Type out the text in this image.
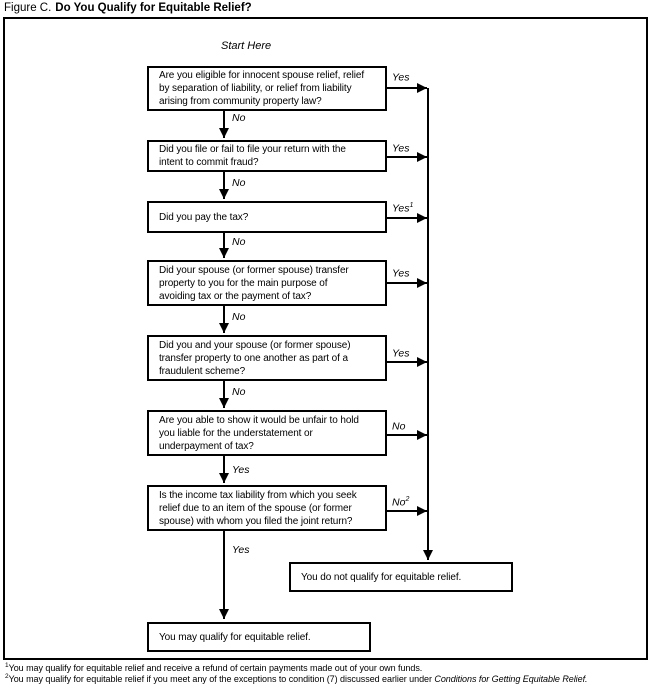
Figure C. Do You Qualify for Equitable Relief?
Start Here
Are you eligible for innocent spouse relief, relief
by separation of liability, or relief from liability
arising from community property law?
Did you file or fail to file your return with the
intent to commit fraud?
Did you pay the tax?
Did your spouse (or former spouse) transfer
property to you for the main purpose of
avoiding tax or the payment of tax?
Did you and your spouse (or former spouse)
transfer property to one another as part of a
fraudulent scheme?
Are you able to show it would be unfair to hold
you liable for the understatement or
underpayment of tax?
Is the income tax liability from which you seek
relief due to an item of the spouse (or former
spouse) with whom you filed the joint return?
Yes
Yes
Yes$^1$
Yes
Yes
No
No$^2$
No
No
No
No
No
Yes
Yes
You do not qualify for equitable relief.
You may qualify for equitable relief.
$^1$You may qualify for equitable relief and receive a refund of certain payments made out of your own funds.
$^2$You may qualify for equitable relief if you meet any of the exceptions to condition (7) discussed earlier under Conditions for Getting Equitable Relief.
